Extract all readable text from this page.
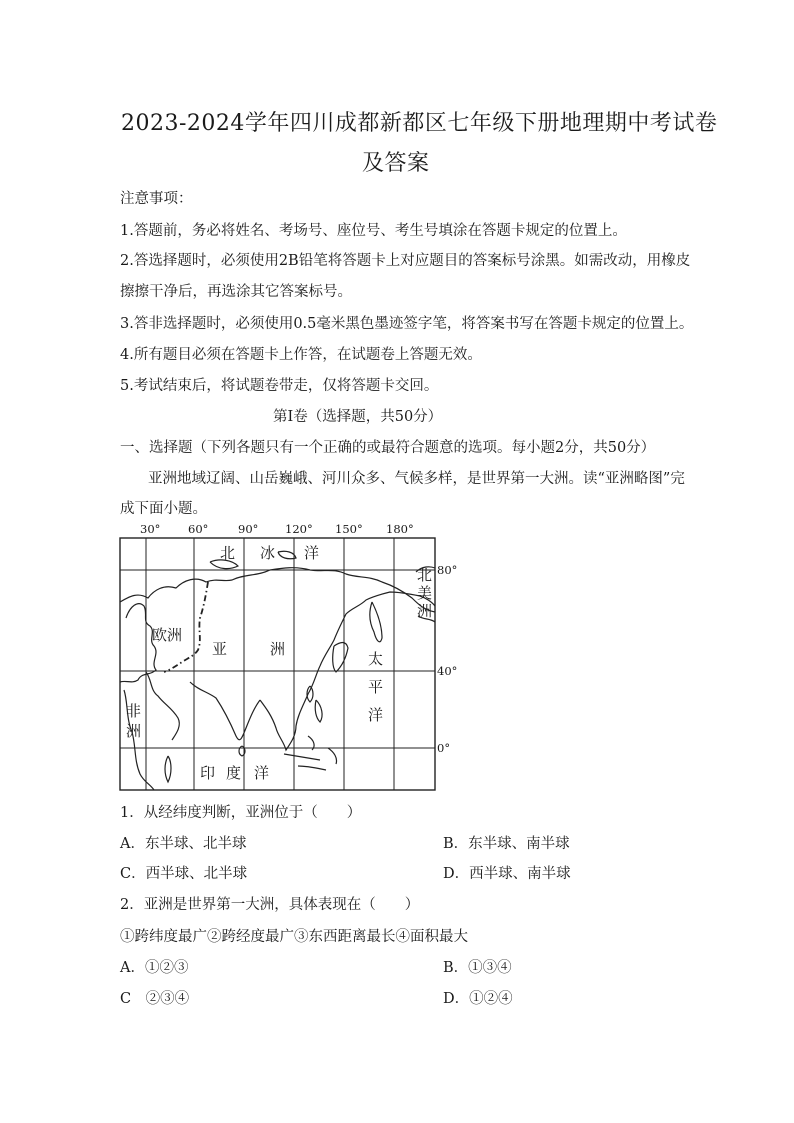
2023-2024学年四川成都新都区七年级下册地理期中考试卷
及答案
注意事项：
1.答题前，务必将姓名、考场号、座位号、考生号填涂在答题卡规定的位置上。
2.答选择题时，必须使用2B铅笔将答题卡上对应题目的答案标号涂黑。如需改动，用橡皮
擦擦干净后，再选涂其它答案标号。
3.答非选择题时，必须使用0.5毫米黑色墨迹签字笔，将答案书写在答题卡规定的位置上。
4.所有题目必须在答题卡上作答，在试题卷上答题无效。
5.考试结束后，将试题卷带走，仅将答题卡交回。
第Ⅰ卷（选择题，共50分）
一、选择题（下列各题只有一个正确的或最符合题意的选项。每小题2分，共50分）
亚洲地域辽阔、山岳巍峨、河川众多、气候多样，是世界第一大洲。读“亚洲略图”完
成下面小题。
30° 60°	90° 120° 150° 180°
80°
40°
0°
北 冰 洋
北
美
洲
欧洲
亚	洲
太
平
洋
非
洲
印 度 洋
1．从经纬度判断，亚洲位于（　　）
A．东半球、北半球	B．东半球、南半球
C．西半球、北半球	D．西半球、南半球
2．亚洲是世界第一大洲，具体表现在（　　）
①跨纬度最广②跨经度最广③东西距离最长④面积最大
A．①②③	B．①③④
C　②③④	D．①②④
